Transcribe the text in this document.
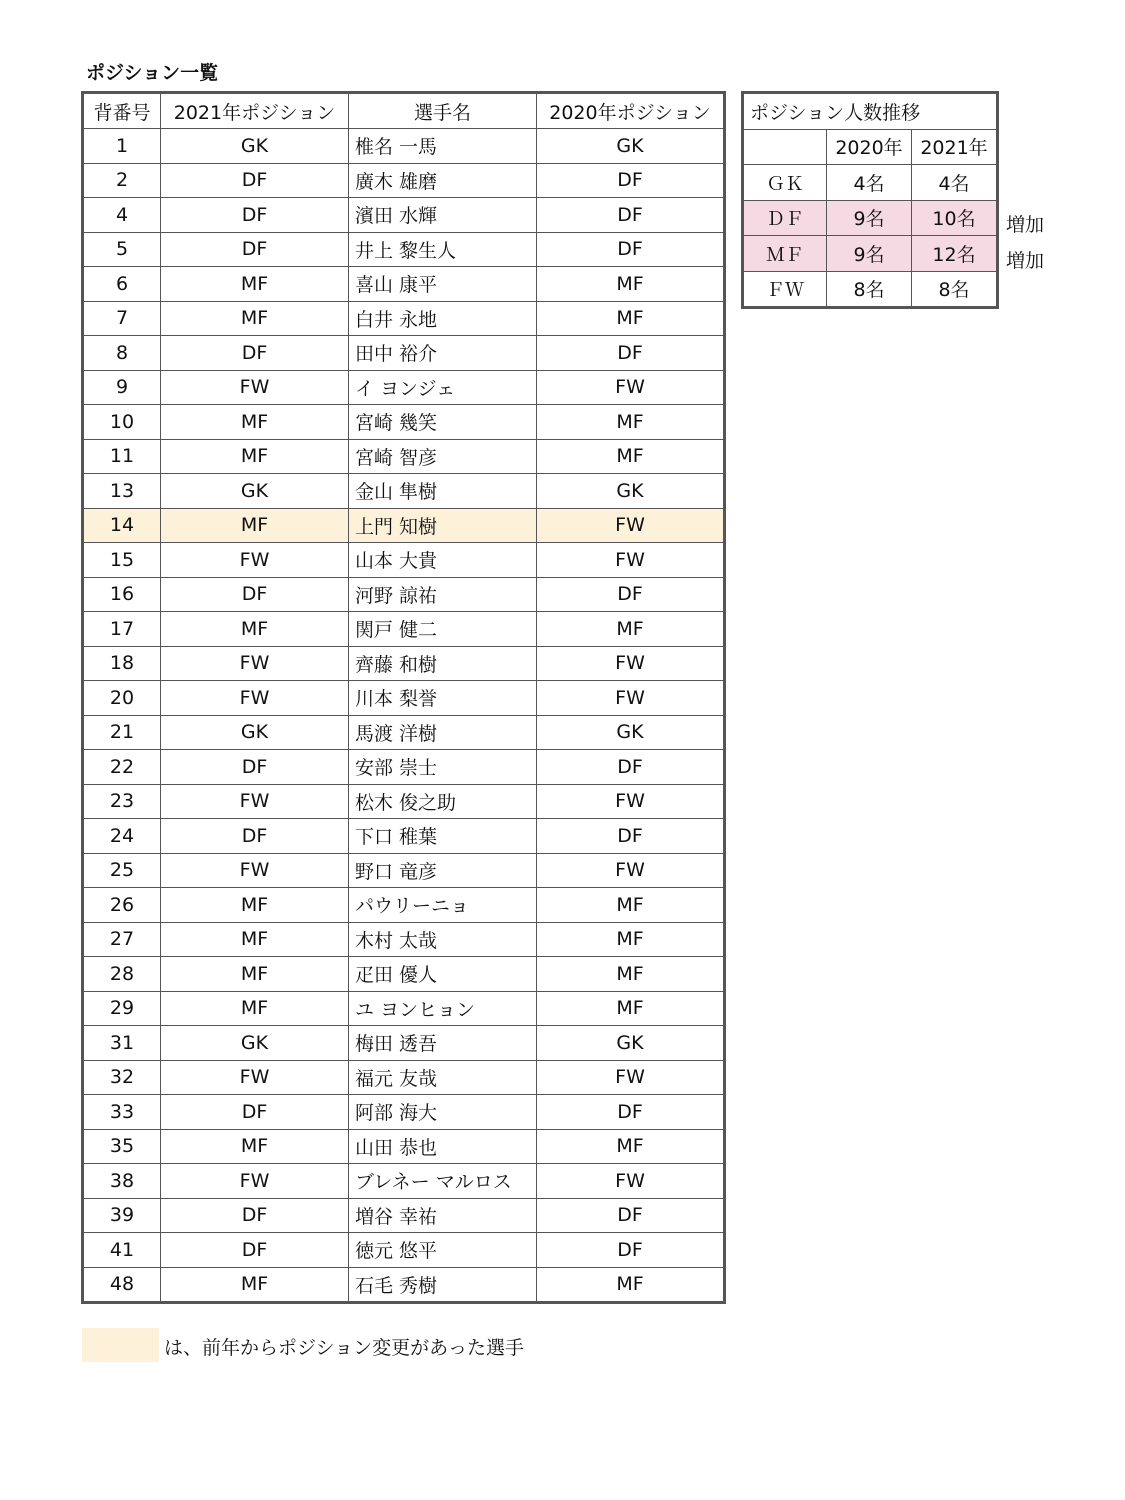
ポジション一覧
背番号	2021年ポジション	選手名	2020年ポジション
1	GK	椎名 一馬	GK
2	DF	廣木 雄磨	DF
4	DF	濱田 水輝	DF
5	DF	井上 黎生人	DF
6	MF	喜山 康平	MF
7	MF	白井 永地	MF
8	DF	田中 裕介	DF
9	FW	イ ヨンジェ	FW
10	MF	宮崎 幾笑	MF
11	MF	宮崎 智彦	MF
13	GK	金山 隼樹	GK
14	MF	上門 知樹	FW
15	FW	山本 大貴	FW
16	DF	河野 諒祐	DF
17	MF	関戸 健二	MF
18	FW	齊藤 和樹	FW
20	FW	川本 梨誉	FW
21	GK	馬渡 洋樹	GK
22	DF	安部 崇士	DF
23	FW	松木 俊之助	FW
24	DF	下口 稚葉	DF
25	FW	野口 竜彦	FW
26	MF	パウリーニョ	MF
27	MF	木村 太哉	MF
28	MF	疋田 優人	MF
29	MF	ユ ヨンヒョン	MF
31	GK	梅田 透吾	GK
32	FW	福元 友哉	FW
33	DF	阿部 海大	DF
35	MF	山田 恭也	MF
38	FW	ブレネー マルロス	FW
39	DF	増谷 幸祐	DF
41	DF	徳元 悠平	DF
48	MF	石毛 秀樹	MF
ポジション人数推移		
	2020年	2021年
ＧＫ	4名	4名
ＤＦ	9名	10名
ＭＦ	9名	12名
ＦＷ	8名	8名
増加
増加
は、前年からポジション変更があった選手
